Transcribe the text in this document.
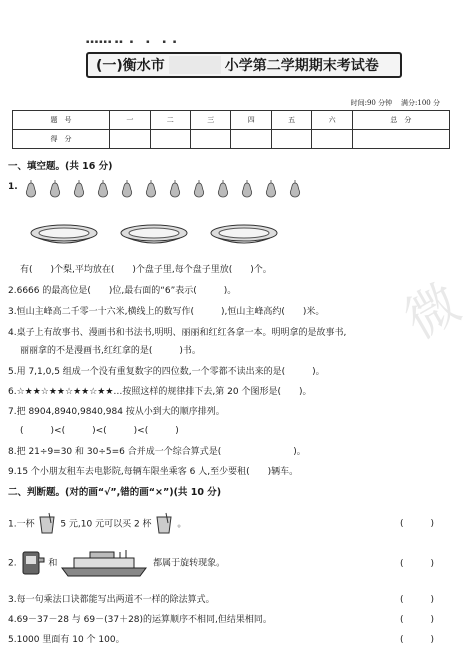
▪▪▪▪▪▪ ▪▪　▪　　▪　　▪　▪
(一)衡水市	小学第二学期期末考试卷
时间:90 分钟 满分:100 分
题　号	一	二	三	四	五	六	总　分
得　分							
一、填空题。(共 16 分)
1.
有(　　)个梨,平均放在(　　)个盘子里,每个盘子里放(　　)个。
2.6666 的最高位是(　　)位,最右面的“6”表示(　　　)。
3.恒山主峰高二千零一十六米,横线上的数写作(　　　),恒山主峰高约(　　)米。
4.桌子上有故事书、漫画书和书法书,明明、丽丽和红红各拿一本。明明拿的是故事书,
丽丽拿的不是漫画书,红红拿的是(　　　)书。
5.用 7,1,0,5 组成一个没有重复数字的四位数,一个零都不读出来的是(　　　)。
6.☆★★☆★★☆★★☆★★…按照这样的规律排下去,第 20 个图形是(　　)。
7.把 8904,8940,9840,984 按从小到大的顺序排列。
(　　　)<(　　　)<(　　　)<(　　　)
8.把 21÷9=30 和 30÷5=6 合并成一个综合算式是(　　　　　　　　)。
9.15 个小朋友租车去电影院,每辆车限坐乘客 6 人,至少要租(　　)辆车。
二、判断题。(对的画“√”,错的画“×”)(共 10 分)
1.一杯	5 元,10 元可以买 2 杯	。	(　　　)
2.	和	都属于旋转现象。	(　　　)
3.每一句乘法口诀都能写出两道不一样的除法算式。	(　　　)
4.69－37－28 与 69－(37＋28)的运算顺序不相同,但结果相同。	(　　　)
5.1000 里面有 10 个 100。	(　　　)
微
